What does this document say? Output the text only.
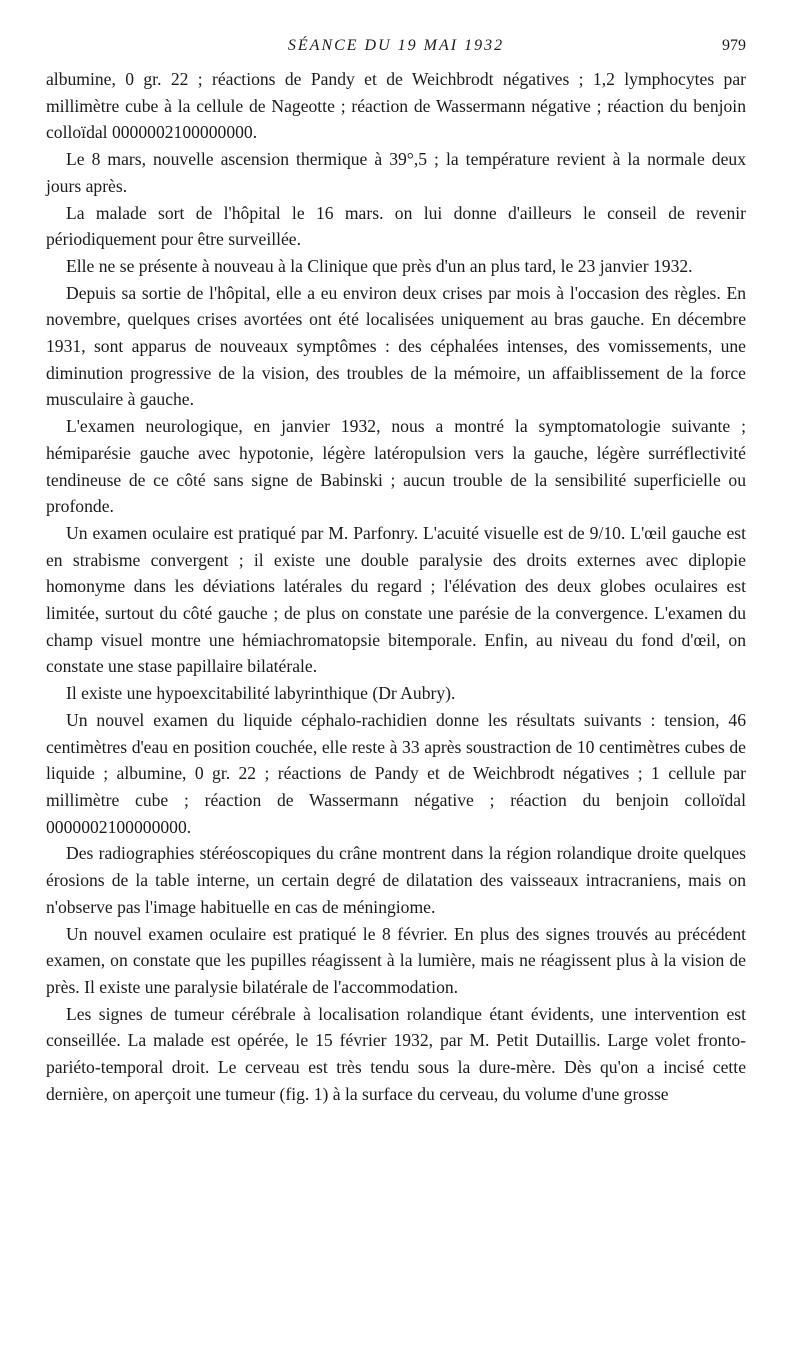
SÉANCE DU 19 MAI 1932	979

albumine, 0 gr. 22 ; réactions de Pandy et de Weichbrodt négatives ; 1,2 lymphocytes par millimètre cube à la cellule de Nageotte ; réaction de Wassermann négative ; réaction du benjoin colloïdal 0000002100000000.

Le 8 mars, nouvelle ascension thermique à 39°,5 ; la température revient à la normale deux jours après.

La malade sort de l'hôpital le 16 mars. on lui donne d'ailleurs le conseil de revenir périodiquement pour être surveillée.

Elle ne se présente à nouveau à la Clinique que près d'un an plus tard, le 23 janvier 1932.

Depuis sa sortie de l'hôpital, elle a eu environ deux crises par mois à l'occasion des règles. En novembre, quelques crises avortées ont été localisées uniquement au bras gauche. En décembre 1931, sont apparus de nouveaux symptômes : des céphalées intenses, des vomissements, une diminution progressive de la vision, des troubles de la mémoire, un affaiblissement de la force musculaire à gauche.

L'examen neurologique, en janvier 1932, nous a montré la symptomatologie suivante ; hémiparésie gauche avec hypotonie, légère latéropulsion vers la gauche, légère surréflectivité tendineuse de ce côté sans signe de Babinski ; aucun trouble de la sensibilité superficielle ou profonde.

Un examen oculaire est pratiqué par M. Parfonry. L'acuité visuelle est de 9/10. L'œil gauche est en strabisme convergent ; il existe une double paralysie des droits externes avec diplopie homonyme dans les déviations latérales du regard ; l'élévation des deux globes oculaires est limitée, surtout du côté gauche ; de plus on constate une parésie de la convergence. L'examen du champ visuel montre une hémiachromatopsie bitemporale. Enfin, au niveau du fond d'œil, on constate une stase papillaire bilatérale.

Il existe une hypoexcitabilité labyrinthique (Dr Aubry).

Un nouvel examen du liquide céphalo-rachidien donne les résultats suivants : tension, 46 centimètres d'eau en position couchée, elle reste à 33 après soustraction de 10 centimètres cubes de liquide ; albumine, 0 gr. 22 ; réactions de Pandy et de Weichbrodt négatives ; 1 cellule par millimètre cube ; réaction de Wassermann négative ; réaction du benjoin colloïdal 0000002100000000.

Des radiographies stéréoscopiques du crâne montrent dans la région rolandique droite quelques érosions de la table interne, un certain degré de dilatation des vaisseaux intracraniens, mais on n'observe pas l'image habituelle en cas de méningiome.

Un nouvel examen oculaire est pratiqué le 8 février. En plus des signes trouvés au précédent examen, on constate que les pupilles réagissent à la lumière, mais ne réagissent plus à la vision de près. Il existe une paralysie bilatérale de l'accommodation.

Les signes de tumeur cérébrale à localisation rolandique étant évidents, une intervention est conseillée. La malade est opérée, le 15 février 1932, par M. Petit Dutaillis. Large volet fronto-pariéto-temporal droit. Le cerveau est très tendu sous la dure-mère. Dès qu'on a incisé cette dernière, on aperçoit une tumeur (fig. 1) à la surface du cerveau, du volume d'une grosse
